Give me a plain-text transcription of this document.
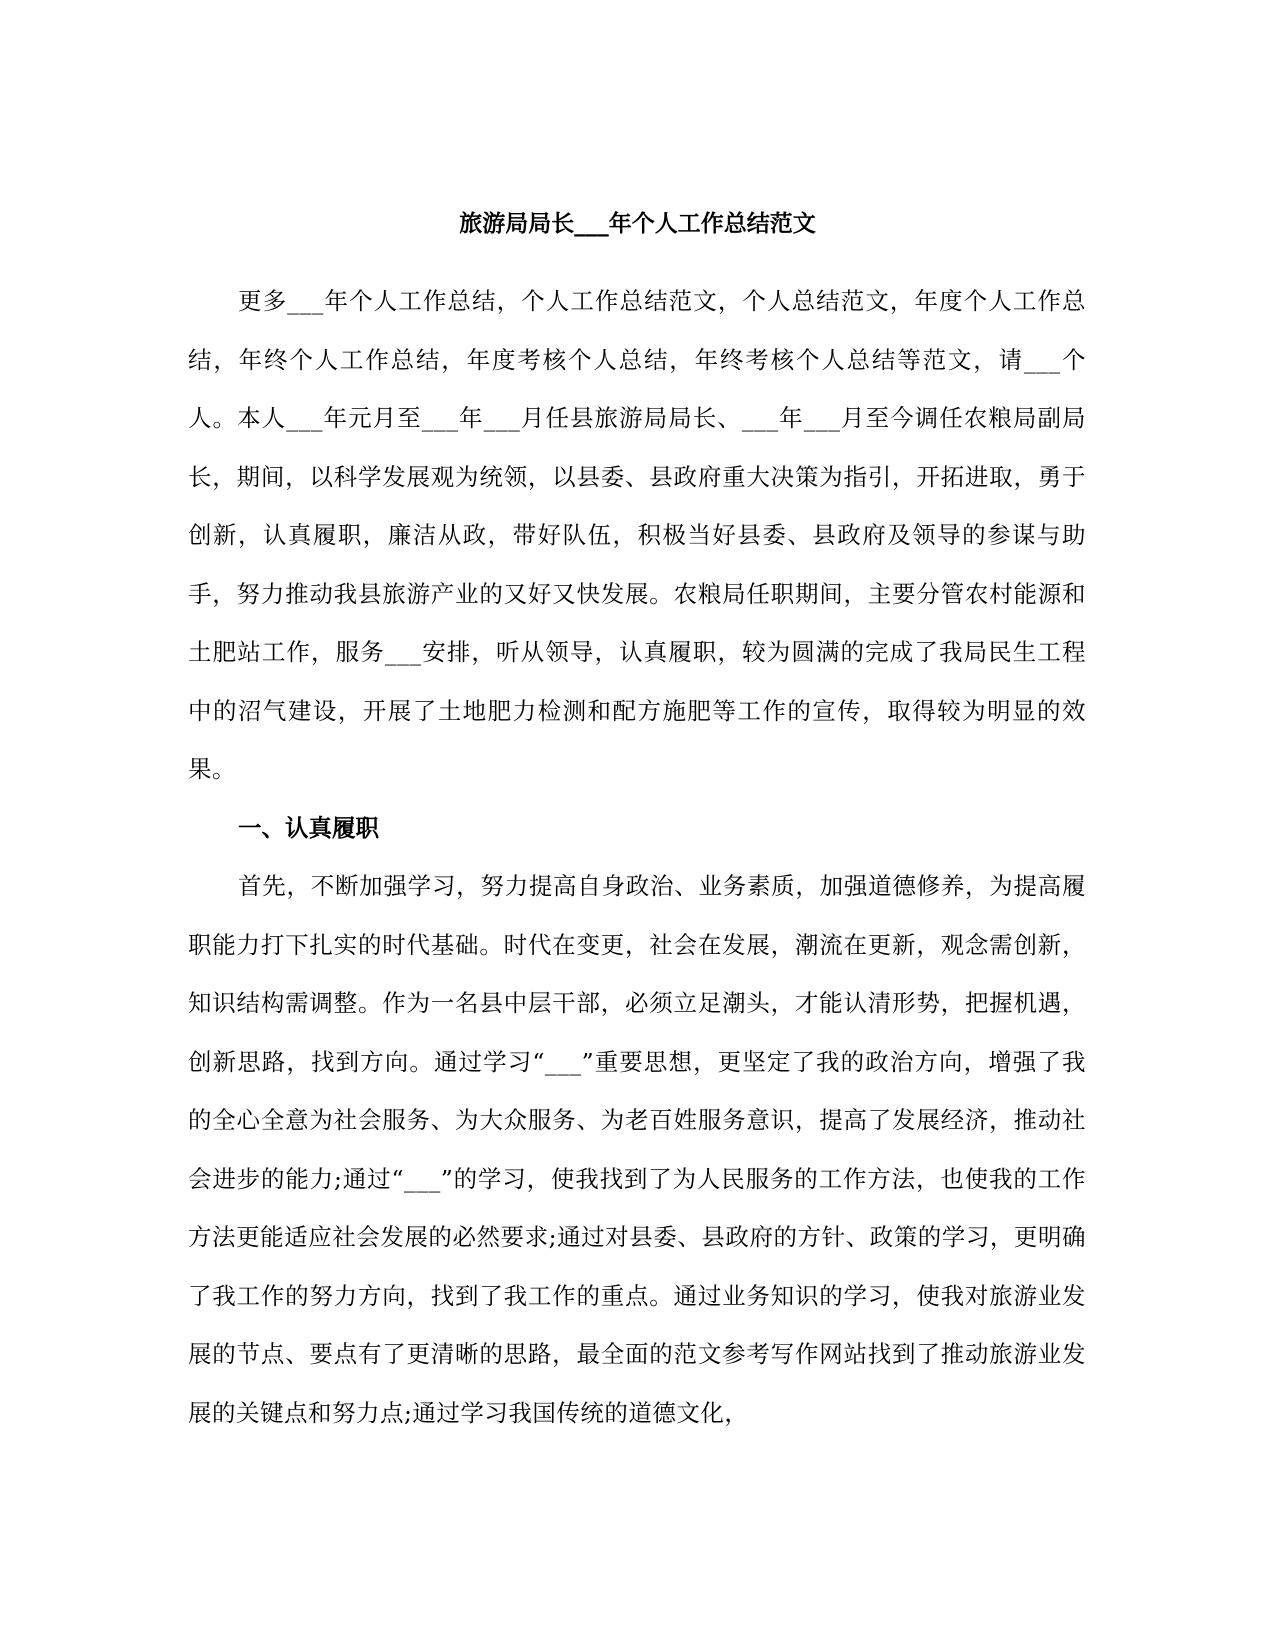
旅游局局长___年个人工作总结范文

更多___年个人工作总结，个人工作总结范文，个人总结范文，年度个人工作总结，年终个人工作总结，年度考核个人总结，年终考核个人总结等范文，请___个人。本人___年元月至___年___月任县旅游局局长、___年___月至今调任农粮局副局长，期间，以科学发展观为统领，以县委、县政府重大决策为指引，开拓进取，勇于创新，认真履职，廉洁从政，带好队伍，积极当好县委、县政府及领导的参谋与助手，努力推动我县旅游产业的又好又快发展。农粮局任职期间，主要分管农村能源和土肥站工作，服务___安排，听从领导，认真履职，较为圆满的完成了我局民生工程中的沼气建设，开展了土地肥力检测和配方施肥等工作的宣传，取得较为明显的效果。

一、认真履职

首先，不断加强学习，努力提高自身政治、业务素质，加强道德修养，为提高履职能力打下扎实的时代基础。时代在变更，社会在发展，潮流在更新，观念需创新，知识结构需调整。作为一名县中层干部，必须立足潮头，才能认清形势，把握机遇，创新思路，找到方向。通过学习“___”重要思想，更坚定了我的政治方向，增强了我的全心全意为社会服务、为大众服务、为老百姓服务意识，提高了发展经济，推动社会进步的能力;通过“___”的学习，使我找到了为人民服务的工作方法，也使我的工作方法更能适应社会发展的必然要求;通过对县委、县政府的方针、政策的学习，更明确了我工作的努力方向，找到了我工作的重点。通过业务知识的学习，使我对旅游业发展的节点、要点有了更清晰的思路，最全面的范文参考写作网站找到了推动旅游业发展的关键点和努力点;通过学习我国传统的道德文化，
